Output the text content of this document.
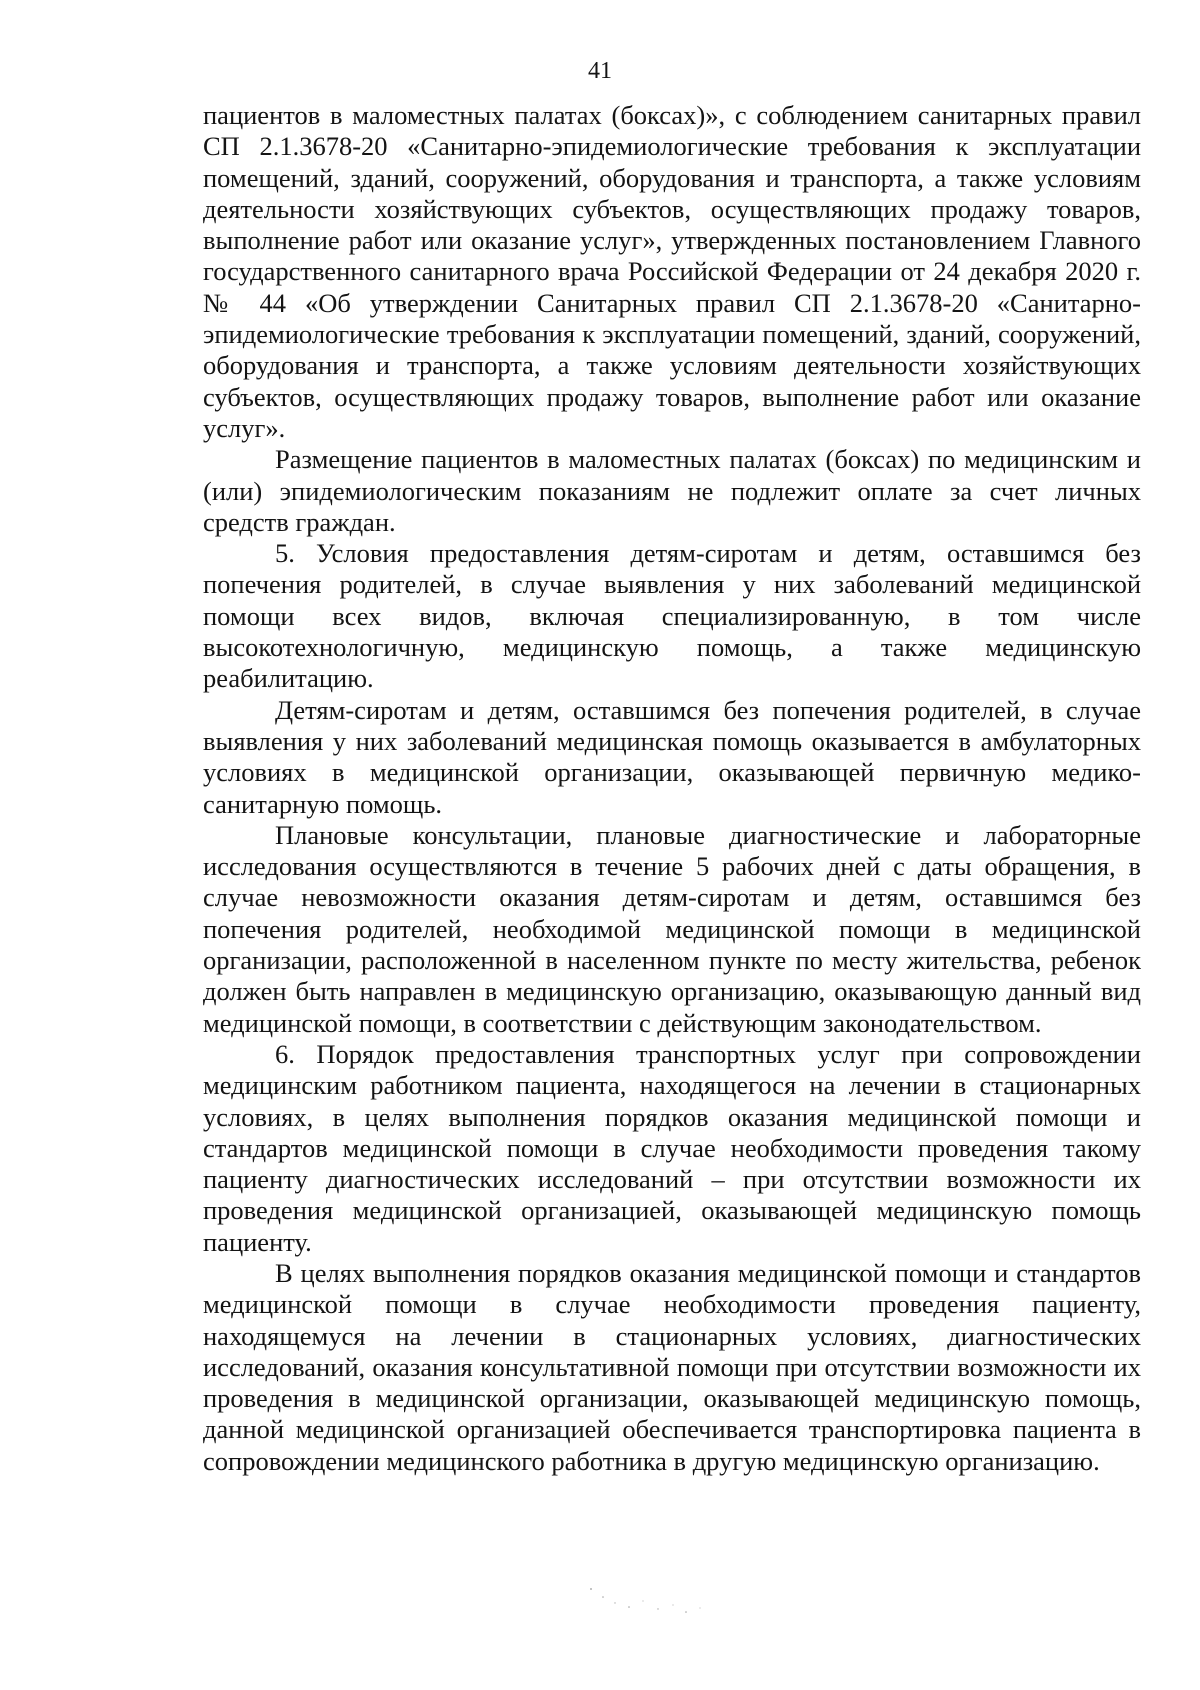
41

пациентов в маломестных палатах (боксах)», с соблюдением санитарных правил СП 2.1.3678-20 «Санитарно-эпидемиологические требования к эксплуатации помещений, зданий, сооружений, оборудования и транспорта, а также условиям деятельности хозяйствующих субъектов, осуществляющих продажу товаров, выполнение работ или оказание услуг», утвержденных постановлением Главного государственного санитарного врача Российской Федерации от 24 декабря 2020 г. № 44 «Об утверждении Санитарных правил СП 2.1.3678-20 «Санитарно-эпидемиологические требования к эксплуатации помещений, зданий, сооружений, оборудования и транспорта, а также условиям деятельности хозяйствующих субъектов, осуществляющих продажу товаров, выполнение работ или оказание услуг».

Размещение пациентов в маломестных палатах (боксах) по медицинским и (или) эпидемиологическим показаниям не подлежит оплате за счет личных средств граждан.

5. Условия предоставления детям-сиротам и детям, оставшимся без попечения родителей, в случае выявления у них заболеваний медицинской помощи всех видов, включая специализированную, в том числе высокотехнологичную, медицинскую помощь, а также медицинскую реабилитацию.

Детям-сиротам и детям, оставшимся без попечения родителей, в случае выявления у них заболеваний медицинская помощь оказывается в амбулаторных условиях в медицинской организации, оказывающей первичную медико-санитарную помощь.

Плановые консультации, плановые диагностические и лабораторные исследования осуществляются в течение 5 рабочих дней с даты обращения, в случае невозможности оказания детям-сиротам и детям, оставшимся без попечения родителей, необходимой медицинской помощи в медицинской организации, расположенной в населенном пункте по месту жительства, ребенок должен быть направлен в медицинскую организацию, оказывающую данный вид медицинской помощи, в соответствии с действующим законодательством.

6. Порядок предоставления транспортных услуг при сопровождении медицинским работником пациента, находящегося на лечении в стационарных условиях, в целях выполнения порядков оказания медицинской помощи и стандартов медицинской помощи в случае необходимости проведения такому пациенту диагностических исследований – при отсутствии возможности их проведения медицинской организацией, оказывающей медицинскую помощь пациенту.

В целях выполнения порядков оказания медицинской помощи и стандартов медицинской помощи в случае необходимости проведения пациенту, находящемуся на лечении в стационарных условиях, диагностических исследований, оказания консультативной помощи при отсутствии возможности их проведения в медицинской организации, оказывающей медицинскую помощь, данной медицинской организацией обеспечивается транспортировка пациента в сопровождении медицинского работника в другую медицинскую организацию.
